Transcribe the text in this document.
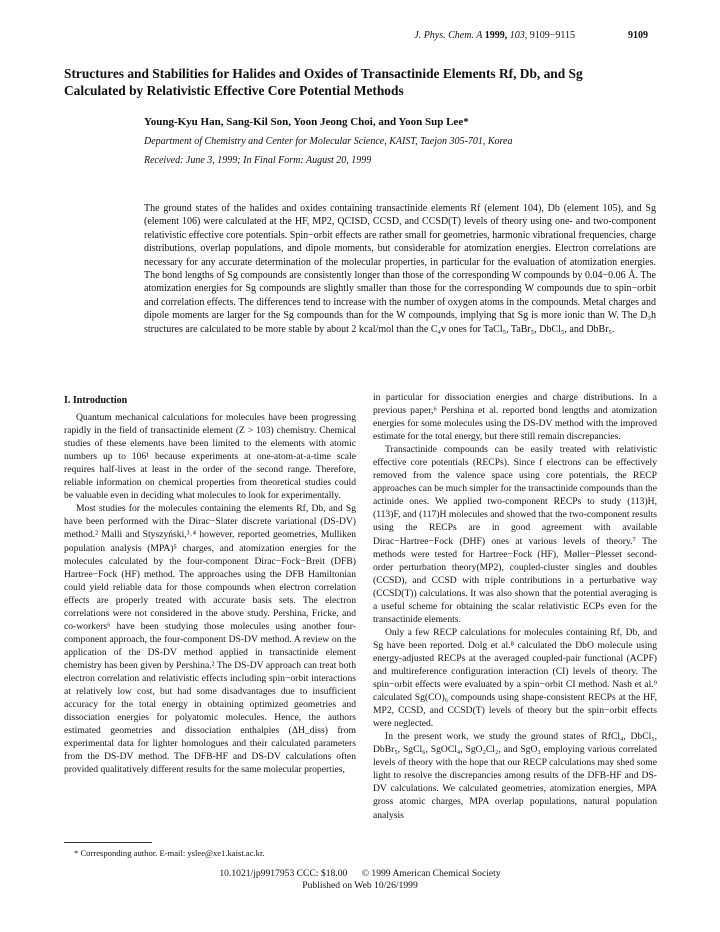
J. Phys. Chem. A 1999, 103, 9109−9115	9109
Structures and Stabilities for Halides and Oxides of Transactinide Elements Rf, Db, and Sg
Calculated by Relativistic Effective Core Potential Methods
Young-Kyu Han, Sang-Kil Son, Yoon Jeong Choi, and Yoon Sup Lee*
Department of Chemistry and Center for Molecular Science, KAIST, Taejon 305-701, Korea
Received: June 3, 1999; In Final Form: August 20, 1999
The ground states of the halides and oxides containing transactinide elements Rf (element 104), Db (element 105), and Sg (element 106) were calculated at the HF, MP2, QCISD, CCSD, and CCSD(T) levels of theory using one- and two-component relativistic effective core potentials. Spin−orbit effects are rather small for geometries, harmonic vibrational frequencies, charge distributions, overlap populations, and dipole moments, but considerable for atomization energies. Electron correlations are necessary for any accurate determination of the molecular properties, in particular for the evaluation of atomization energies. The bond lengths of Sg compounds are consistently longer than those of the corresponding W compounds by 0.04−0.06 Å. The atomization energies for Sg compounds are slightly smaller than those for the corresponding W compounds due to spin−orbit and correlation effects. The differences tend to increase with the number of oxygen atoms in the compounds. Metal charges and dipole moments are larger for the Sg compounds than for the W compounds, implying that Sg is more ionic than W. The D₃h structures are calculated to be more stable by about 2 kcal/mol than the C₄v ones for TaCl₅, TaBr₅, DbCl₅, and DbBr₅.
I. Introduction

Quantum mechanical calculations for molecules have been progressing rapidly in the field of transactinide element (Z > 103) chemistry. Chemical studies of these elements have been limited to the elements with atomic numbers up to 106¹ because experiments at one-atom-at-a-time scale requires half-lives at least in the order of the second range. Therefore, reliable information on chemical properties from theoretical studies could be valuable even in deciding what molecules to look for experimentally.

Most studies for the molecules containing the elements Rf, Db, and Sg have been performed with the Dirac−Slater discrete variational (DS-DV) method.² Malli and Styszyński,³˒⁴ however, reported geometries, Mulliken population analysis (MPA)⁵ charges, and atomization energies for the molecules calculated by the four-component Dirac−Fock−Breit (DFB) Hartree−Fock (HF) method. The approaches using the DFB Hamiltonian could yield reliable data for those compounds when electron correlation effects are properly treated with accurate basis sets. The electron correlations were not considered in the above study. Pershina, Fricke, and co-workers⁶ have been studying those molecules using another four-component approach, the four-component DS-DV method. A review on the application of the DS-DV method applied in transactinide element chemistry has been given by Pershina.² The DS-DV approach can treat both electron correlation and relativistic effects including spin−orbit interactions at relatively low cost, but had some disadvantages due to insufficient accuracy for the total energy in obtaining optimized geometries and dissociation energies for polyatomic molecules. Hence, the authors estimated geometries and dissociation enthalpies (ΔH_diss) from experimental data for lighter homologues and their calculated parameters from the DS-DV method. The DFB-HF and DS-DV calculations often provided qualitatively different results for the same molecular properties,

in particular for dissociation energies and charge distributions. In a previous paper,⁶ Pershina et al. reported bond lengths and atomization energies for some molecules using the DS-DV method with the improved estimate for the total energy, but there still remain discrepancies.

Transactinide compounds can be easily treated with relativistic effective core potentials (RECPs). Since f electrons can be effectively removed from the valence space using core potentials, the RECP approaches can be much simpler for the transactinide compounds than the actinide ones. We applied two-component RECPs to study (113)H, (113)F, and (117)H molecules and showed that the two-component results using the RECPs are in good agreement with available Dirac−Hartree−Fock (DHF) ones at various levels of theory.⁷ The methods were tested for Hartree−Fock (HF), Møller−Plesset second-order perturbation theory(MP2), coupled-cluster singles and doubles (CCSD), and CCSD with triple contributions in a perturbative way (CCSD(T)) calculations. It was also shown that the potential averaging is a useful scheme for obtaining the scalar relativistic ECPs even for the transactinide elements.

Only a few RECP calculations for molecules containing Rf, Db, and Sg have been reported. Dolg et al.⁸ calculated the DbO molecule using energy-adjusted RECPs at the averaged coupled-pair functional (ACPF) and multireference configuration interaction (CI) levels of theory. The spin−orbit effects were evaluated by a spin−orbit CI method. Nash et al.⁹ calculated Sg(CO)₆ compounds using shape-consistent RECPs at the HF, MP2, CCSD, and CCSD(T) levels of theory but the spin−orbit effects were neglected.

In the present work, we study the ground states of RfCl₄, DbCl₅, DbBr₅, SgCl₆, SgOCl₄, SgO₂Cl₂, and SgO₃ employing various correlated levels of theory with the hope that our RECP calculations may shed some light to resolve the discrepancies among results of the DFB-HF and DS-DV calculations. We calculated geometries, atomization energies, MPA gross atomic charges, MPA overlap populations, natural population analysis

* Corresponding author. E-mail: yslee@xe1.kaist.ac.kr.
10.1021/jp9917953 CCC: $18.00 © 1999 American Chemical Society
Published on Web 10/26/1999
